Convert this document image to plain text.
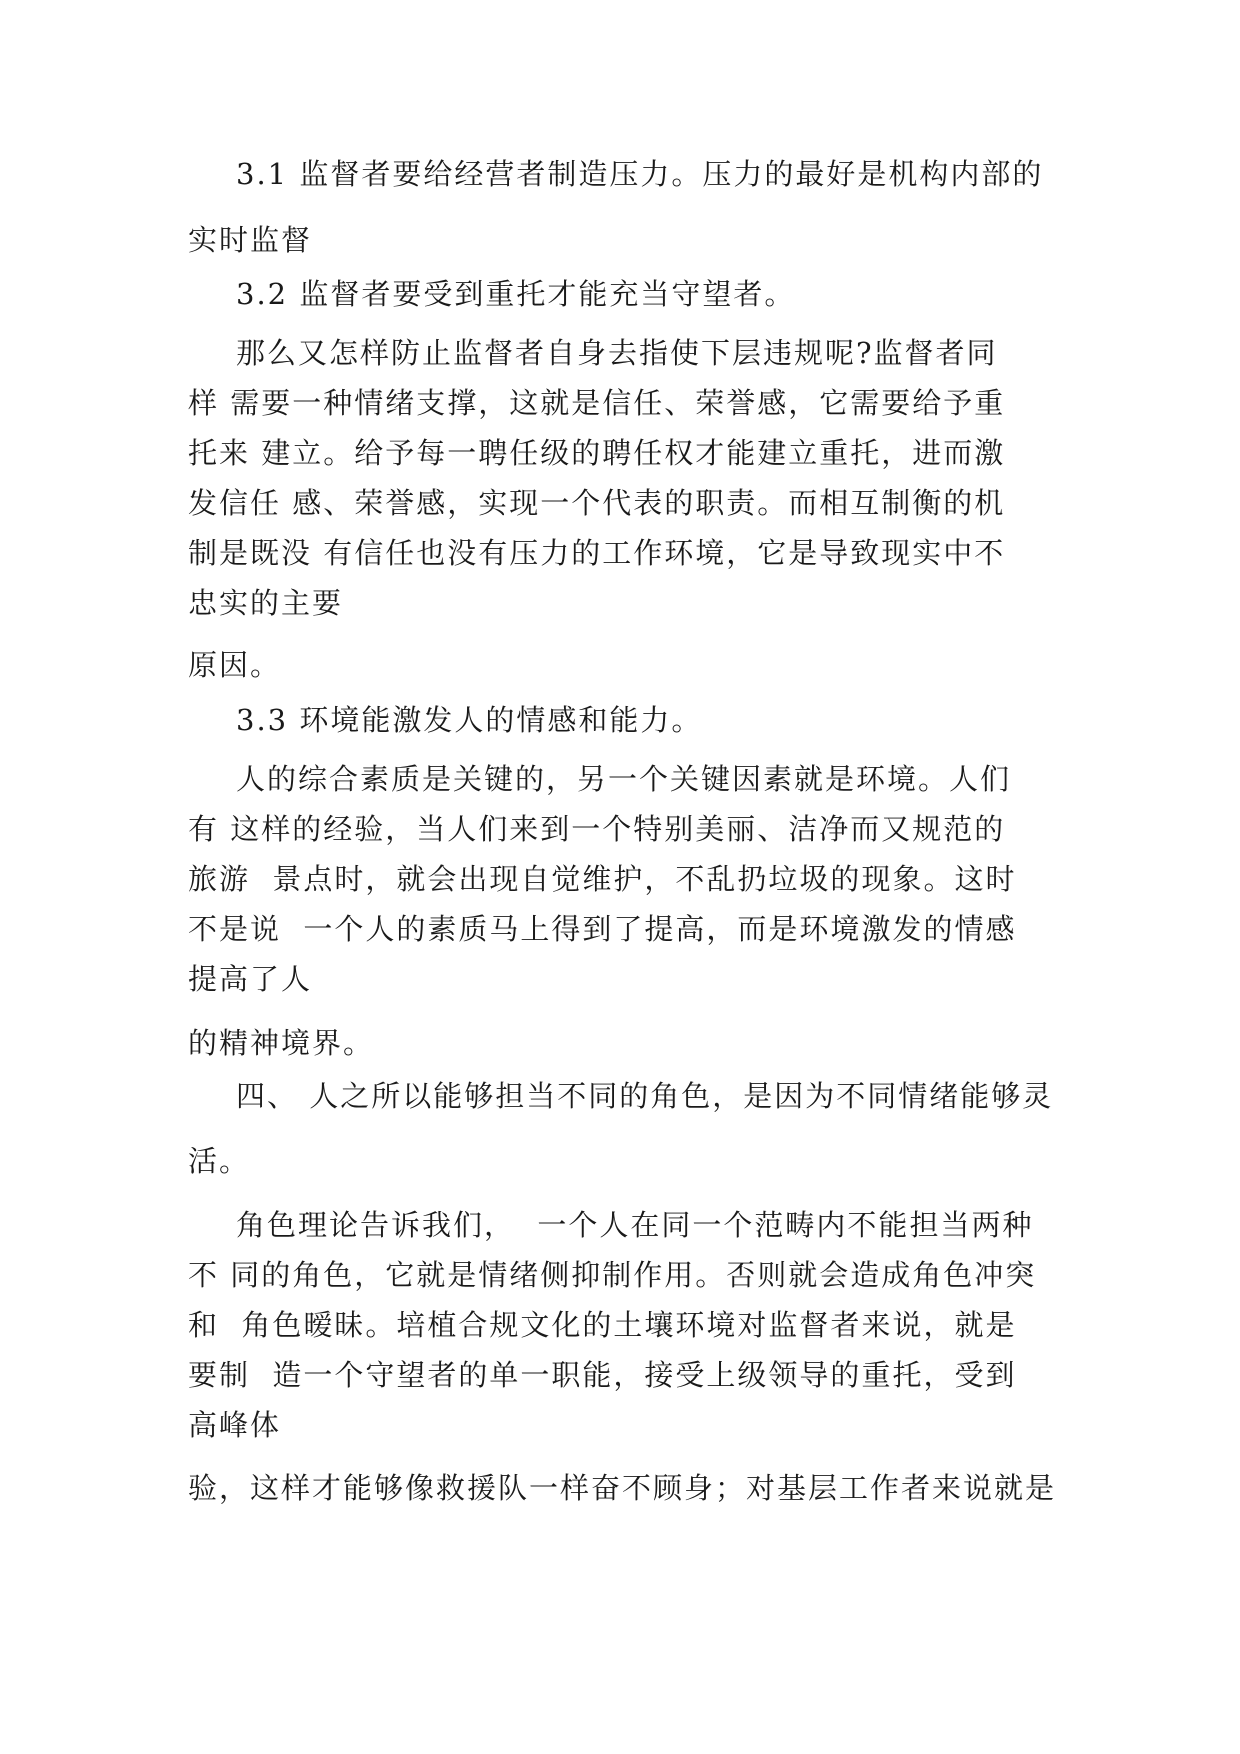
3.1 监督者要给经营者制造压力。压力的最好是机构内部的
实时监督
3.2 监督者要受到重托才能充当守望者。
那么又怎样防止监督者自身去指使下层违规呢?监督者同
样 需要一种情绪支撑，这就是信任、荣誉感，它需要给予重
托来 建立。给予每一聘任级的聘任权才能建立重托，进而激
发信任 感、荣誉感，实现一个代表的职责。而相互制衡的机
制是既没 有信任也没有压力的工作环境，它是导致现实中不
忠实的主要
原因。
3.3 环境能激发人的情感和能力。
人的综合素质是关键的，另一个关键因素就是环境。人们
有 这样的经验，当人们来到一个特别美丽、洁净而又规范的
旅游  景点时，就会出现自觉维护，不乱扔垃圾的现象。这时
不是说  一个人的素质马上得到了提高，而是环境激发的情感
提高了人
的精神境界。
四、 人之所以能够担当不同的角色，是因为不同情绪能够灵
活。
角色理论告诉我们，  一个人在同一个范畴内不能担当两种
不 同的角色，它就是情绪侧抑制作用。否则就会造成角色冲突
和  角色暧昧。培植合规文化的土壤环境对监督者来说，就是
要制  造一个守望者的单一职能，接受上级领导的重托，受到
高峰体
验，这样才能够像救援队一样奋不顾身；对基层工作者来说就是
